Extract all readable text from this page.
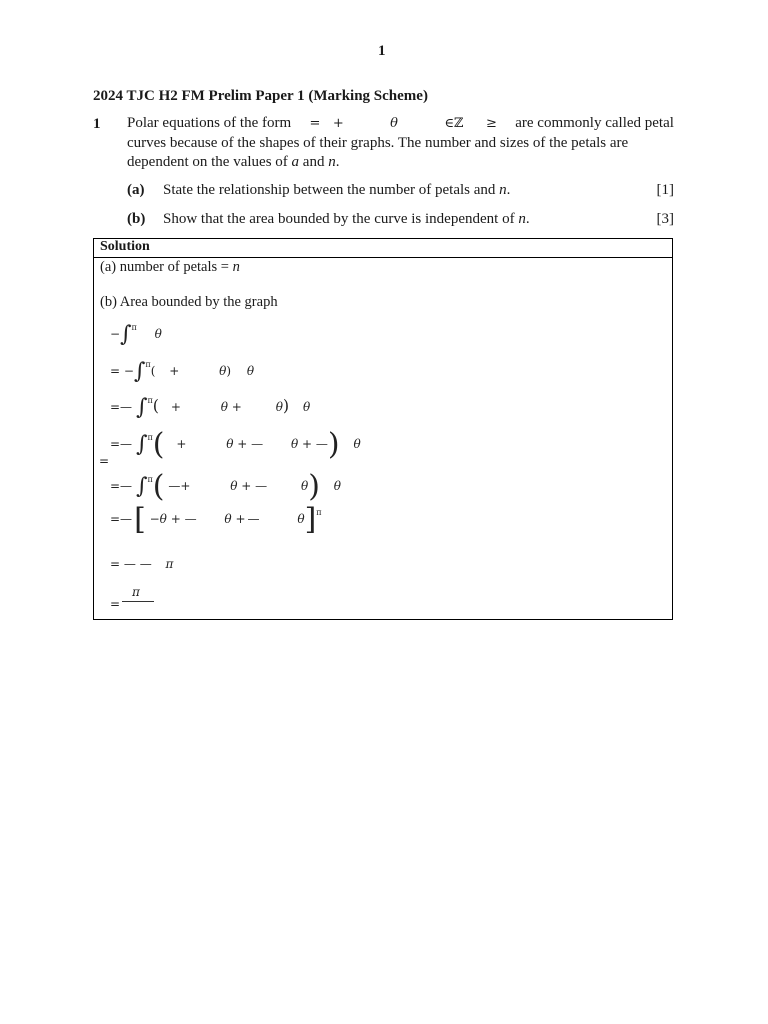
1
2024 TJC H2 FM Prelim Paper 1 (Marking Scheme)
1 Polar equations of the form = +	θ	∈ℤ ≥ are commonly called petal
curves because of the shapes of their graphs. The number and sizes of the petals are
dependent on the values of a and n.
(a)	State the relationship between the number of petals and n.	[1]
(b)	Show that the area bounded by the curve is independent of n.	[3]
Solution
(a) number of petals = n
(b) Area bounded by the graph
−∫$^\pi$ θ
= −∫$^\pi$( +	θ) θ
=— ∫$^\pi$( +	θ +	θ) θ
=— ∫$^\pi$( +	θ + — θ + —) θ
=
=— ∫$^\pi$( —+	θ + —	θ) θ
=—[ −θ + — θ + —	θ]$^\pi$
= — — π
π
=
